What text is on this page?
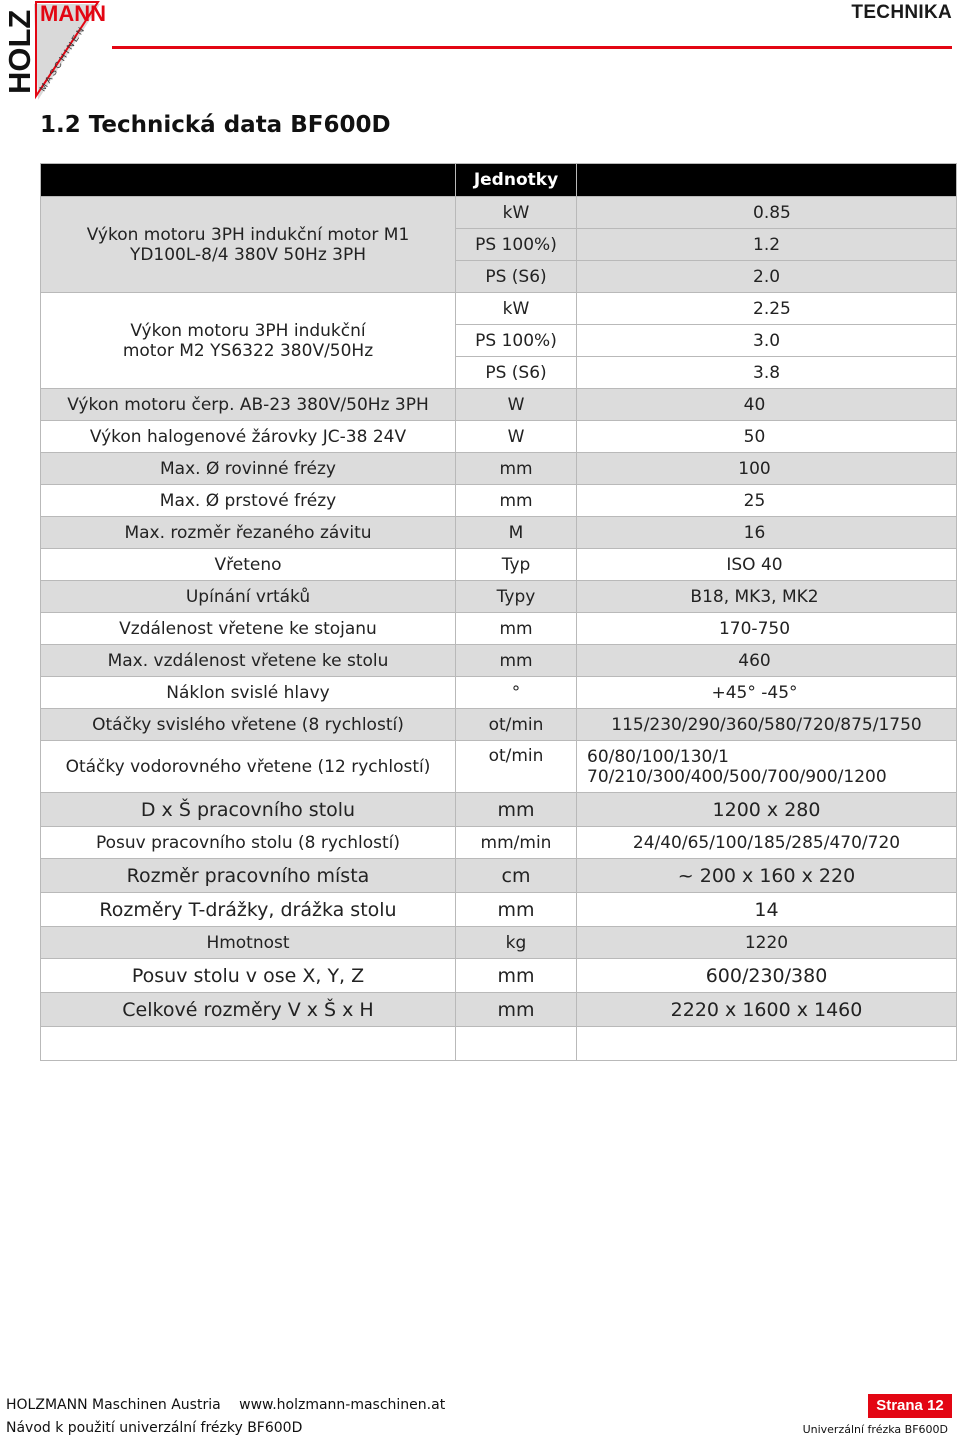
MANN
HOLZ MASCHINEN
TECHNIKA
1.2 Technická data BF600D
	Jednotky	
Výkon motoru 3PH indukční motor M1 YD100L-8/4 380V 50Hz 3PH	kW	0.85
	PS 100%)	1.2
	PS (S6)	2.0
Výkon motoru 3PH indukční motor M2 YS6322 380V/50Hz	kW	2.25
	PS 100%)	3.0
	PS (S6)	3.8
Výkon motoru čerp. AB-23 380V/50Hz 3PH	W	40
Výkon halogenové žárovky JC-38 24V	W	50
Max. Ø rovinné frézy	mm	100
Max. Ø prstové frézy	mm	25
Max. rozměr řezaného závitu	M	16
Vřeteno	Typ	ISO 40
Upínání vrtáků	Typy	B18, MK3, MK2
Vzdálenost vřetene ke stojanu	mm	170-750
Max. vzdálenost vřetene ke stolu	mm	460
Náklon svislé hlavy	°	+45° -45°
Otáčky svislého vřetene (8 rychlostí)	ot/min	115/230/290/360/580/720/875/1750
Otáčky vodorovného vřetene (12 rychlostí)	ot/min	60/80/100/130/1
70/210/300/400/500/700/900/1200

D x Š pracovního stolu	mm	1200 x 280
Posuv pracovního stolu (8 rychlostí)	mm/min	24/40/65/100/185/285/470/720
Rozměr pracovního místa	cm	~ 200 x 160 x 220
Rozměry T-drážky, drážka stolu	mm	14
Hmotnost	kg	1220
Posuv stolu v ose X, Y, Z	mm	600/230/380
Celkové rozměry V x Š x H	mm	2220 x 1600 x 1460

HOLZMANN Maschinen Austria www.holzmann-maschinen.at
Návod k použití univerzální frézky BF600D
Strana 12
Univerzální frézka BF600D
